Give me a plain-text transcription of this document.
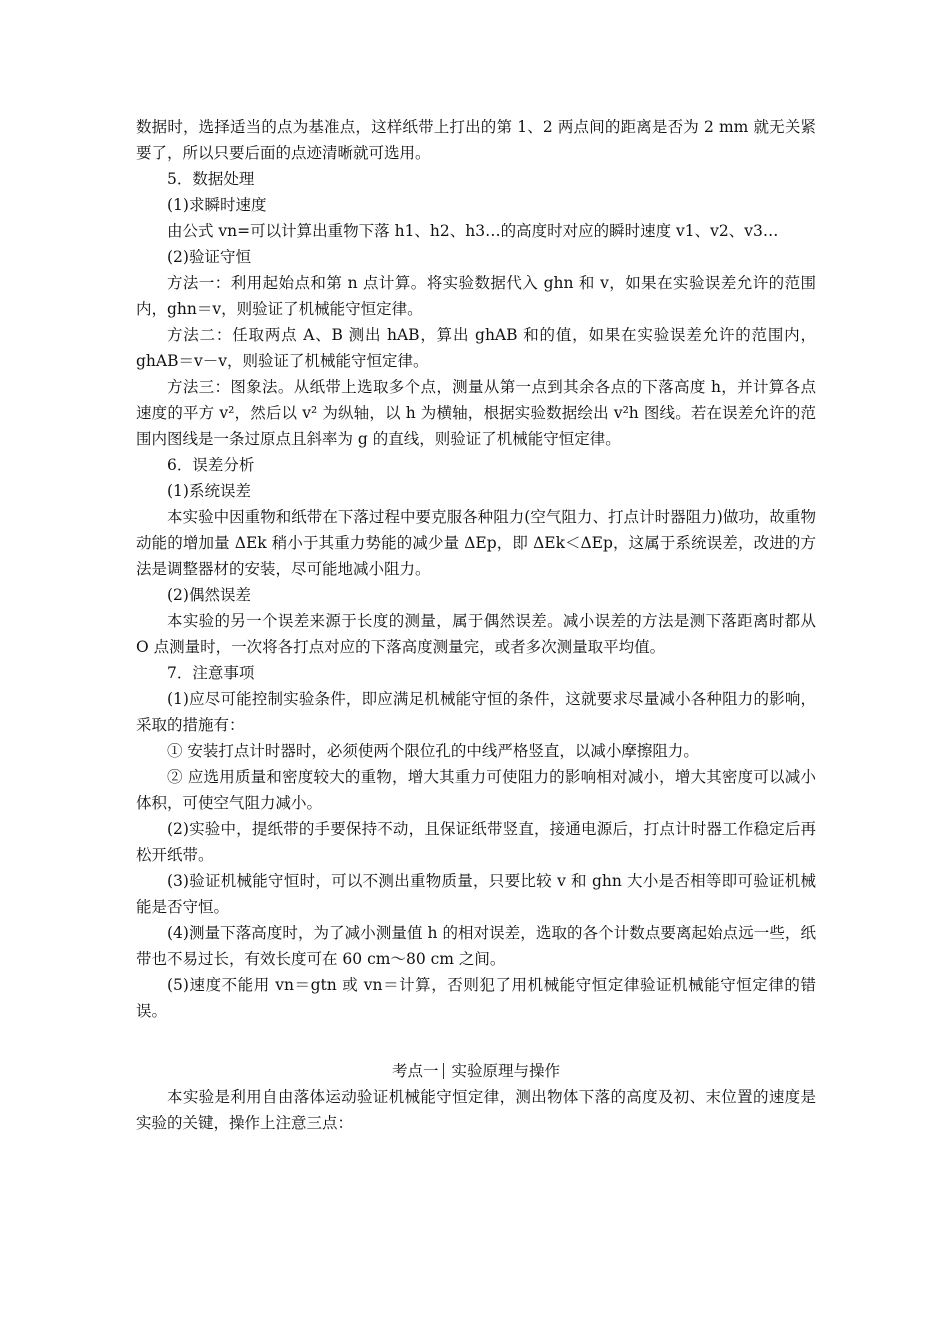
数据时，选择适当的点为基准点，这样纸带上打出的第 1、2 两点间的距离是否为 2 mm 就无关紧要了，所以只要后面的点迹清晰就可选用。

5．数据处理

(1)求瞬时速度

由公式 vn=可以计算出重物下落 h1、h2、h3…的高度时对应的瞬时速度 v1、v2、v3…

(2)验证守恒

方法一：利用起始点和第 n 点计算。将实验数据代入 ghn 和 v，如果在实验误差允许的范围内，ghn＝v，则验证了机械能守恒定律。

方法二：任取两点 A、B 测出 hAB，算出 ghAB 和的值，如果在实验误差允许的范围内，ghAB＝v－v，则验证了机械能守恒定律。

方法三：图象法。从纸带上选取多个点，测量从第一点到其余各点的下落高度 h，并计算各点速度的平方 v²，然后以 v² 为纵轴，以 h 为横轴，根据实验数据绘出 v²h 图线。若在误差允许的范围内图线是一条过原点且斜率为 g 的直线，则验证了机械能守恒定律。

6．误差分析

(1)系统误差

本实验中因重物和纸带在下落过程中要克服各种阻力(空气阻力、打点计时器阻力)做功，故重物动能的增加量 ΔEk 稍小于其重力势能的减少量 ΔEp，即 ΔEk＜ΔEp，这属于系统误差，改进的方法是调整器材的安装，尽可能地减小阻力。

(2)偶然误差

本实验的另一个误差来源于长度的测量，属于偶然误差。减小误差的方法是测下落距离时都从 O 点测量时，一次将各打点对应的下落高度测量完，或者多次测量取平均值。

7．注意事项

(1)应尽可能控制实验条件，即应满足机械能守恒的条件，这就要求尽量减小各种阻力的影响，采取的措施有：

① 安装打点计时器时，必须使两个限位孔的中线严格竖直，以减小摩擦阻力。

② 应选用质量和密度较大的重物，增大其重力可使阻力的影响相对减小，增大其密度可以减小体积，可使空气阻力减小。

(2)实验中，提纸带的手要保持不动，且保证纸带竖直，接通电源后，打点计时器工作稳定后再松开纸带。

(3)验证机械能守恒时，可以不测出重物质量，只要比较 v 和 ghn 大小是否相等即可验证机械能是否守恒。

(4)测量下落高度时，为了减小测量值 h 的相对误差，选取的各个计数点要离起始点远一些，纸带也不易过长，有效长度可在 60 cm～80 cm 之间。

(5)速度不能用 vn＝gtn 或 vn＝计算，否则犯了用机械能守恒定律验证机械能守恒定律的错误。

考点一 实验原理与操作

本实验是利用自由落体运动验证机械能守恒定律，测出物体下落的高度及初、末位置的速度是实验的关键，操作上注意三点：
